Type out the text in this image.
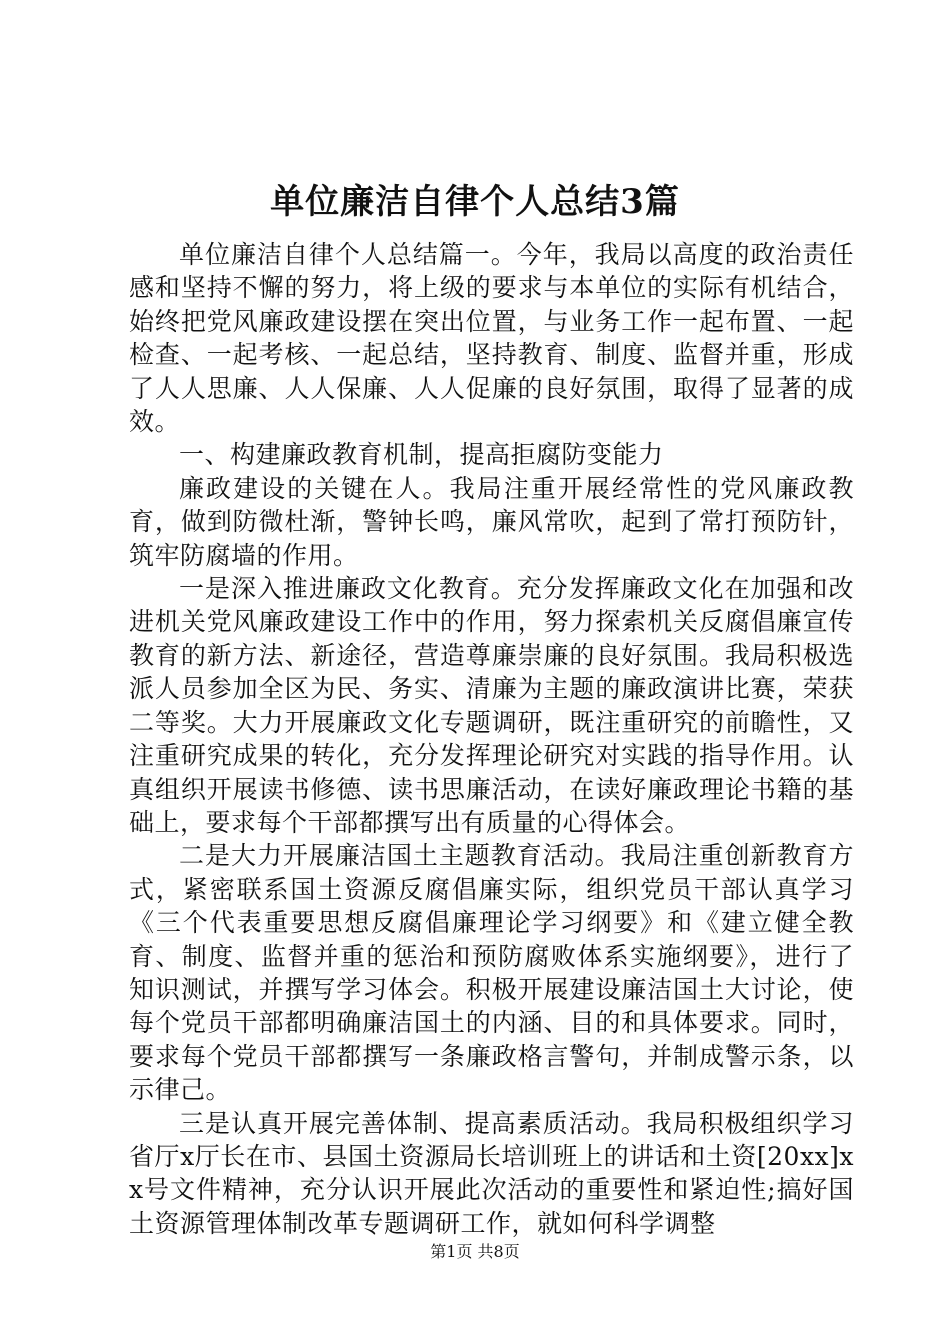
单位廉洁自律个人总结3篇

单位廉洁自律个人总结篇一。今年，我局以高度的政治责任感和坚持不懈的努力，将上级的要求与本单位的实际有机结合，始终把党风廉政建设摆在突出位置，与业务工作一起布置、一起检查、一起考核、一起总结，坚持教育、制度、监督并重，形成了人人思廉、人人保廉、人人促廉的良好氛围，取得了显著的成效。

一、构建廉政教育机制，提高拒腐防变能力

廉政建设的关键在人。我局注重开展经常性的党风廉政教育，做到防微杜渐，警钟长鸣，廉风常吹，起到了常打预防针，筑牢防腐墙的作用。

一是深入推进廉政文化教育。充分发挥廉政文化在加强和改进机关党风廉政建设工作中的作用，努力探索机关反腐倡廉宣传教育的新方法、新途径，营造尊廉崇廉的良好氛围。我局积极选派人员参加全区为民、务实、清廉为主题的廉政演讲比赛，荣获二等奖。大力开展廉政文化专题调研，既注重研究的前瞻性，又注重研究成果的转化，充分发挥理论研究对实践的指导作用。认真组织开展读书修德、读书思廉活动，在读好廉政理论书籍的基础上，要求每个干部都撰写出有质量的心得体会。

二是大力开展廉洁国土主题教育活动。我局注重创新教育方式，紧密联系国土资源反腐倡廉实际，组织党员干部认真学习《三个代表重要思想反腐倡廉理论学习纲要》和《建立健全教育、制度、监督并重的惩治和预防腐败体系实施纲要》，进行了知识测试，并撰写学习体会。积极开展建设廉洁国土大讨论，使每个党员干部都明确廉洁国土的内涵、目的和具体要求。同时，要求每个党员干部都撰写一条廉政格言警句，并制成警示条，以示律己。

三是认真开展完善体制、提高素质活动。我局积极组织学习省厅x厅长在市、县国土资源局长培训班上的讲话和土资[20xx]xx号文件精神，充分认识开展此次活动的重要性和紧迫性;搞好国土资源管理体制改革专题调研工作，就如何科学调整

第1页 共8页
